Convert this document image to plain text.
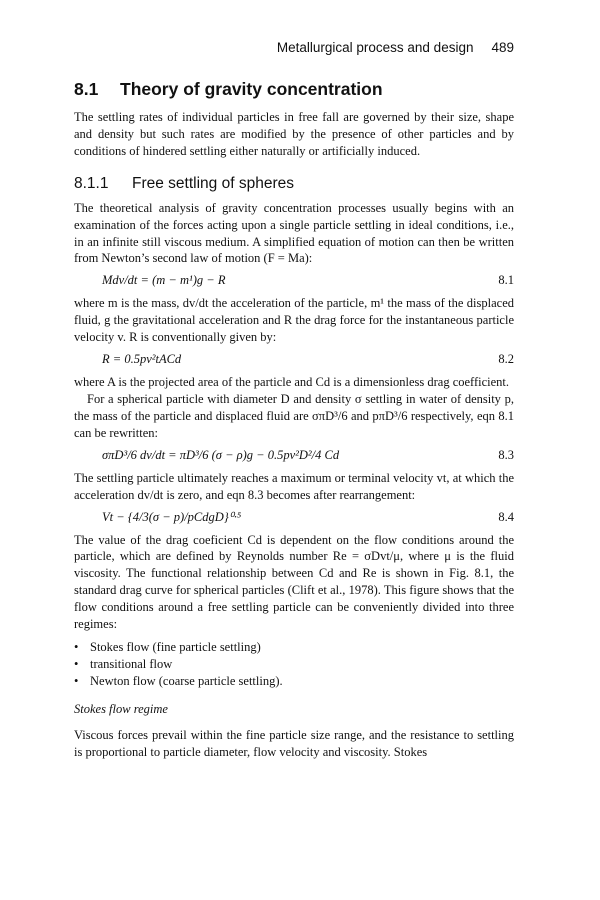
Metallurgical process and design 489
8.1	Theory of gravity concentration

The settling rates of individual particles in free fall are governed by their size, shape and density but such rates are modified by the presence of other particles and by conditions of hindered settling either naturally or artificially induced.

8.1.1	Free settling of spheres

The theoretical analysis of gravity concentration processes usually begins with an examination of the forces acting upon a single particle settling in ideal conditions, i.e., in an infinite still viscous medium. A simplified equation of motion can then be written from Newton’s second law of motion (F = Ma):

Mdv/dt = (m − m¹)g − R	8.1

where m is the mass, dv/dt the acceleration of the particle, m¹ the mass of the displaced fluid, g the gravitational acceleration and R the drag force for the instantaneous particle velocity v. R is conventionally given by:

R = 0.5pv²tACd	8.2

where A is the projected area of the particle and Cd is a dimensionless drag coefficient.

For a spherical particle with diameter D and density σ settling in water of density p, the mass of the particle and displaced fluid are σπD³/6 and pπD³/6 respectively, eqn 8.1 can be rewritten:

σπD³/6 dv/dt = πD³/6 (σ − ρ)g − 0.5pv²D²/4 Cd	8.3

The settling particle ultimately reaches a maximum or terminal velocity vt, at which the acceleration dv/dt is zero, and eqn 8.3 becomes after rearrangement:

Vt − {4/3(σ − p)/pCdgD}⁰·⁵	8.4

The value of the drag coeficient Cd is dependent on the flow conditions around the particle, which are defined by Reynolds number Re = σDvt/μ, where μ is the fluid viscosity. The functional relationship between Cd and Re is shown in Fig. 8.1, the standard drag curve for spherical particles (Clift et al., 1978). This figure shows that the flow conditions around a free settling particle can be conveniently divided into three regimes:

• Stokes flow (fine particle settling)
• transitional flow
• Newton flow (coarse particle settling).
Stokes flow regime

Viscous forces prevail within the fine particle size range, and the resistance to settling is proportional to particle diameter, flow velocity and viscosity. Stokes
